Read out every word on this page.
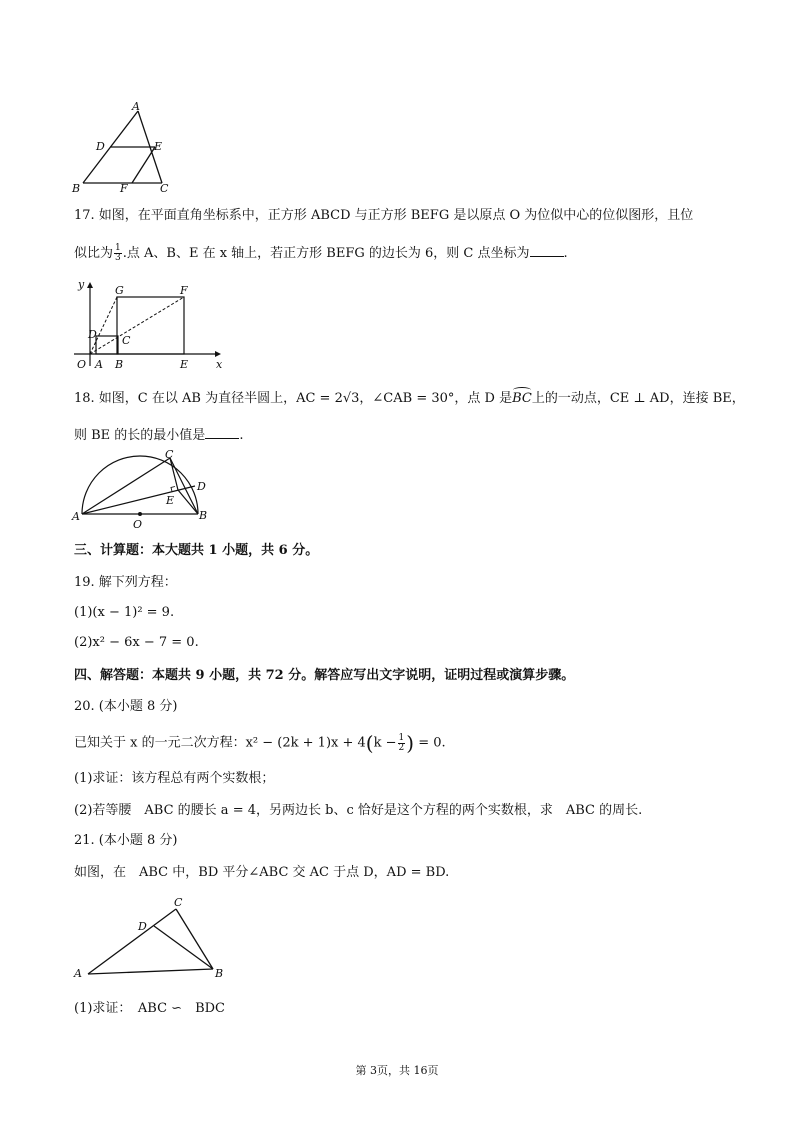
A
D	E
B	F	C
17. 如图，在平面直角坐标系中，正方形 ABCD 与正方形 BEFG 是以原点 O 为位似中心的位似图形，且位
似比为 $\frac{1}{3}$ .点 A、B、E 在 x 轴上，若正方形 BEFG 的边长为 6，则 C 点坐标为	.
y	G	F
D C
O A B	E	x
18. 如图，C 在以 AB 为直径半圆上，AC = 2√3，∠CAB = 30°，点 D 是BC上的一动点，CE ⊥ AD，连接 BE，
则 BE 的长的最小值是	.
C
D
E
A
O
B
三、计算题：本大题共 1 小题，共 6 分。
19. 解下列方程：
(1)(x − 1)² = 9.
(2)x² − 6x − 7 = 0.
四、解答题：本题共 9 小题，共 72 分。解答应写出文字说明，证明过程或演算步骤。
20. (本小题 8 分)
已知关于 x 的一元二次方程：$x^2 - (2k + 1)x + 4(k - \frac{1}{2}$ ) = 0.
(1)求证：该方程总有两个实数根；
(2)若等腰　ABC 的腰长 a = 4，另两边长 b、c 恰好是这个方程的两个实数根，求　ABC 的周长.
21. (本小题 8 分)
如图，在　ABC 中，BD 平分∠ABC 交 AC 于点 D，AD = BD.
C
D
A	B
(1)求证：　ABC ∽　BDC
第 3页，共 16页
